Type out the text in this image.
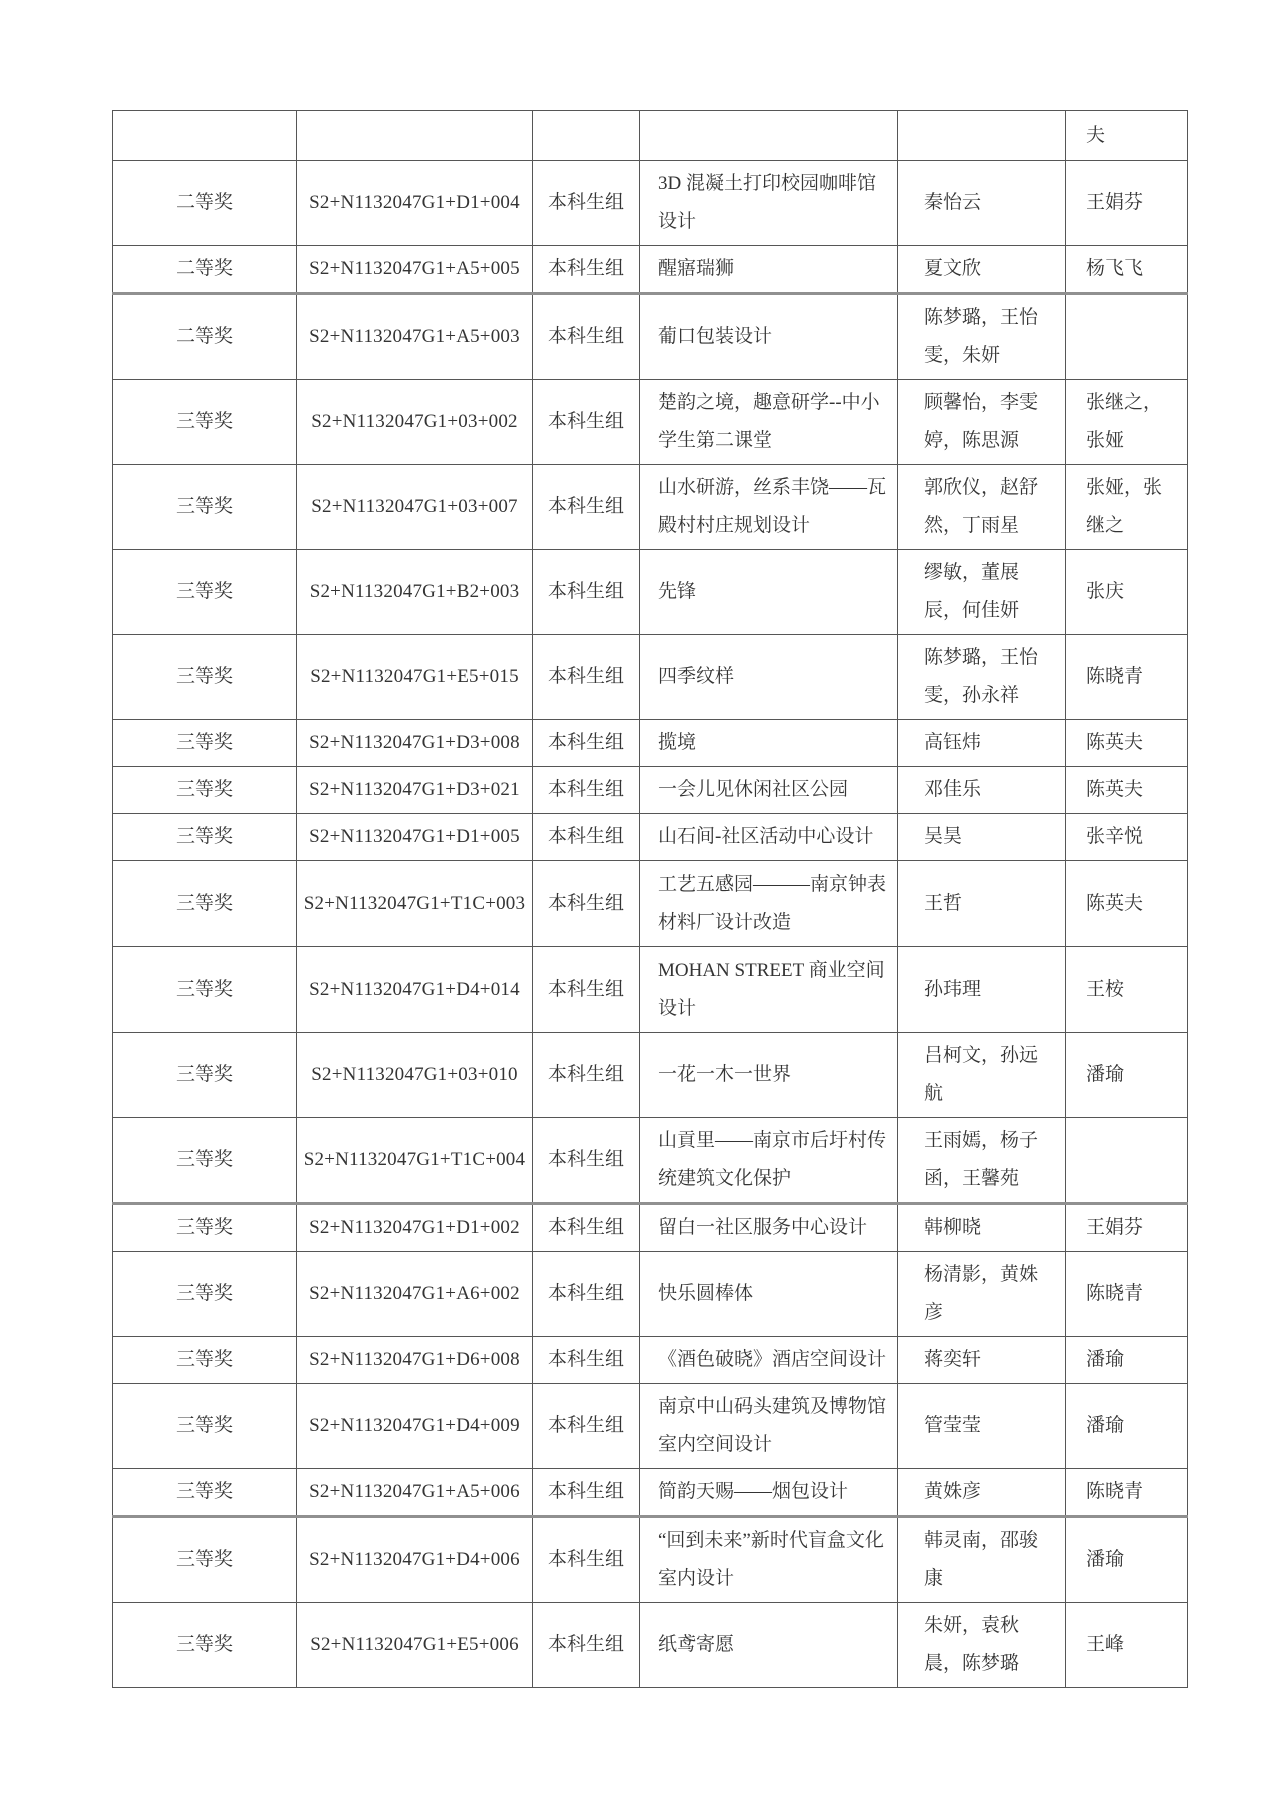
					夫
二等奖	S2+N1132047G1+D1+004	本科生组	3D 混凝土打印校园咖啡馆设计	秦怡云	王娟芬
二等奖	S2+N1132047G1+A5+005	本科生组	醒寤瑞狮	夏文欣	杨飞飞
二等奖	S2+N1132047G1+A5+003	本科生组	葡口包装设计	陈梦璐，王怡雯，朱妍	
三等奖	S2+N1132047G1+03+002	本科生组	楚韵之境，趣意研学--中小学生第二课堂	顾馨怡，李雯婷，陈思源	张继之，张娅
三等奖	S2+N1132047G1+03+007	本科生组	山水研游，丝系丰饶——瓦殿村村庄规划设计	郭欣仪，赵舒然，丁雨星	张娅，张继之
三等奖	S2+N1132047G1+B2+003	本科生组	先锋	缪敏，董展辰，何佳妍	张庆
三等奖	S2+N1132047G1+E5+015	本科生组	四季纹样	陈梦璐，王怡雯，孙永祥	陈晓青
三等奖	S2+N1132047G1+D3+008	本科生组	揽境	高钰炜	陈英夫
三等奖	S2+N1132047G1+D3+021	本科生组	一会儿见休闲社区公园	邓佳乐	陈英夫
三等奖	S2+N1132047G1+D1+005	本科生组	山石间-社区活动中心设计	吴昊	张辛悦
三等奖	S2+N1132047G1+T1C+003	本科生组	工艺五感园———南京钟表材料厂设计改造	王哲	陈英夫
三等奖	S2+N1132047G1+D4+014	本科生组	MOHAN STREET 商业空间设计	孙玮理	王桉
三等奖	S2+N1132047G1+03+010	本科生组	一花一木一世界	吕柯文，孙远航	潘瑜
三等奖	S2+N1132047G1+T1C+004	本科生组	山貢里——南京市后圩村传统建筑文化保护	王雨嫣，杨子函，王馨苑	
三等奖	S2+N1132047G1+D1+002	本科生组	留白一社区服务中心设计	韩柳晓	王娟芬
三等奖	S2+N1132047G1+A6+002	本科生组	快乐圆棒体	杨清影，黄姝彦	陈晓青
三等奖	S2+N1132047G1+D6+008	本科生组	《酒色破晓》酒店空间设计	蒋奕轩	潘瑜
三等奖	S2+N1132047G1+D4+009	本科生组	南京中山码头建筑及博物馆室内空间设计	管莹莹	潘瑜
三等奖	S2+N1132047G1+A5+006	本科生组	简韵天赐——烟包设计	黄姝彦	陈晓青
三等奖	S2+N1132047G1+D4+006	本科生组	“回到未来”新时代盲盒文化室内设计	韩灵南，邵骏康	潘瑜
三等奖	S2+N1132047G1+E5+006	本科生组	纸鸢寄愿	朱妍，袁秋晨，陈梦璐	王峰
